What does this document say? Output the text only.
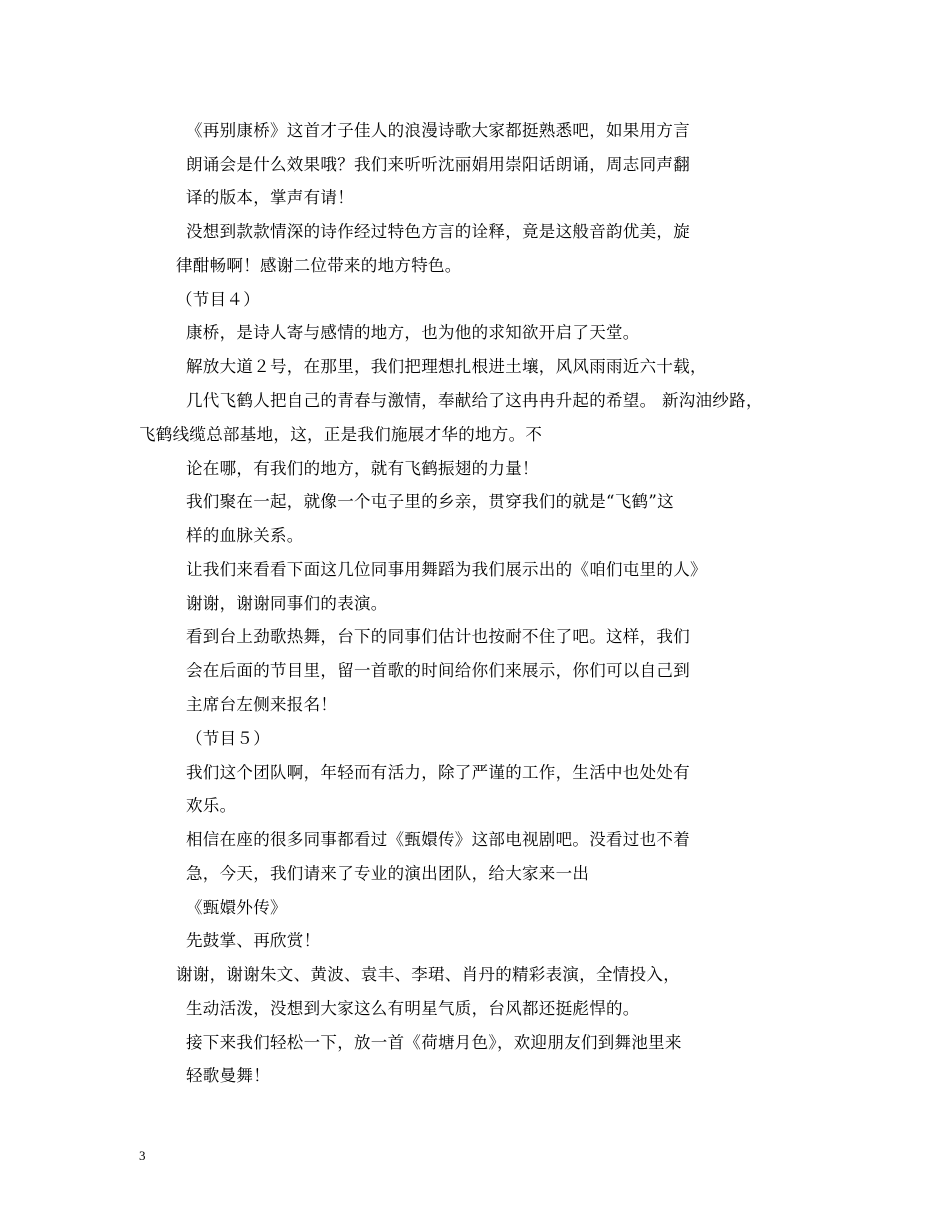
《再别康桥》这首才子佳人的浪漫诗歌大家都挺熟悉吧，如果用方言
朗诵会是什么效果哦？我们来听听沈丽娟用崇阳话朗诵，周志同声翻
译的版本，掌声有请！
没想到款款情深的诗作经过特色方言的诠释，竟是这般音韵优美，旋
律酣畅啊！感谢二位带来的地方特色。
（节目４）
康桥，是诗人寄与感情的地方，也为他的求知欲开启了天堂。
解放大道２号，在那里，我们把理想扎根进土壤，风风雨雨近六十载，
几代飞鹤人把自己的青春与激情，奉献给了这冉冉升起的希望。 新沟油纱路，
飞鹤线缆总部基地，这，正是我们施展才华的地方。不
论在哪，有我们的地方，就有飞鹤振翅的力量！
我们聚在一起，就像一个屯子里的乡亲，贯穿我们的就是“飞鹤”这
样的血脉关系。
让我们来看看下面这几位同事用舞蹈为我们展示出的《咱们屯里的人》
谢谢，谢谢同事们的表演。
看到台上劲歌热舞，台下的同事们估计也按耐不住了吧。这样，我们
会在后面的节目里，留一首歌的时间给你们来展示，你们可以自己到
主席台左侧来报名！
（节目５）
我们这个团队啊，年轻而有活力，除了严谨的工作，生活中也处处有
欢乐。
相信在座的很多同事都看过《甄嬛传》这部电视剧吧。没看过也不着
急，今天，我们请来了专业的演出团队，给大家来一出
《甄嬛外传》
先鼓掌、再欣赏！
谢谢，谢谢朱文、黄波、袁丰、李珺、肖丹的精彩表演，全情投入，
生动活泼，没想到大家这么有明星气质，台风都还挺彪悍的。
接下来我们轻松一下，放一首《荷塘月色》，欢迎朋友们到舞池里来
轻歌曼舞！
3
